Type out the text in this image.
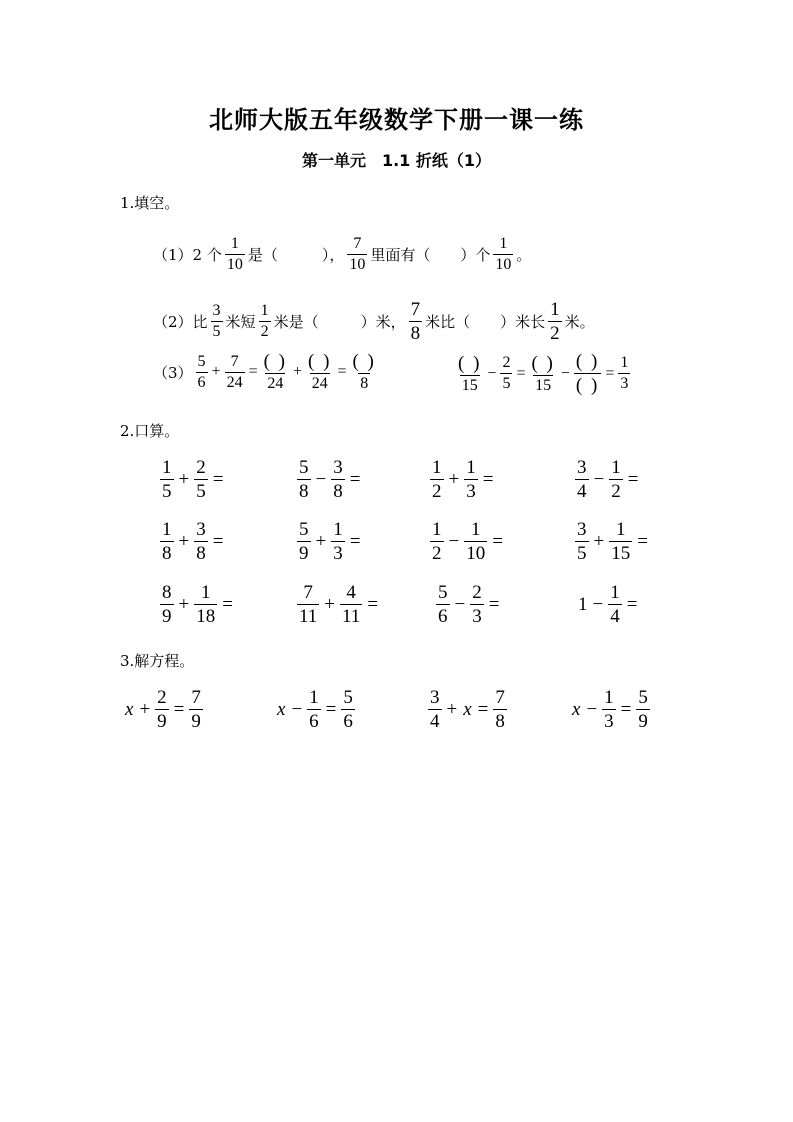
北师大版五年级数学下册一课一练
第一单元　1.1 折纸（1）
1.填空。
（1）2 个 $\frac{1}{10}$ 是（	）， $\frac{7}{10}$ 里面有（ ）个 $\frac{1}{10}$ 。
（2）比 $\frac{3}{5}$ 米短 $\frac{1}{2}$ 米是（	）米， $\frac{7}{8}$ 米比（ ）米长 $\frac{1}{2}$ 米。
$(3) \frac{5}{6} + \frac{7}{24} = \frac{( )}{24} + \frac{( )}{24} = \frac{( )}{8}$	$\frac{( )}{15} - \frac{2}{5} = \frac{( )}{15} - \frac{( )}{( )} = \frac{1}{3}$
2.口算。
$\frac{1}{5} + \frac{2}{5}$ =	$\frac{5}{8} - \frac{3}{8}$ =	$\frac{1}{2} + \frac{1}{3}$ =	$\frac{3}{4} - \frac{1}{2}$ =
$\frac{1}{8} + \frac{3}{8}$ =	$\frac{5}{9} + \frac{1}{3}$ =	$\frac{1}{2} - \frac{1}{10}$ =	$\frac{3}{5} + \frac{1}{15}$ =
$\frac{8}{9} + \frac{1}{18}$ =	$\frac{7}{11} + \frac{4}{11}$ =	$\frac{5}{6} - \frac{2}{3}$ =	$1 - \frac{1}{4}$ =
3.解方程。
$x + \frac{2}{9} = \frac{7}{9}$	$x - \frac{1}{6} = \frac{5}{6}$	$\frac{3}{4} + x = \frac{7}{8}$	$x - \frac{1}{3} = \frac{5}{9}$
